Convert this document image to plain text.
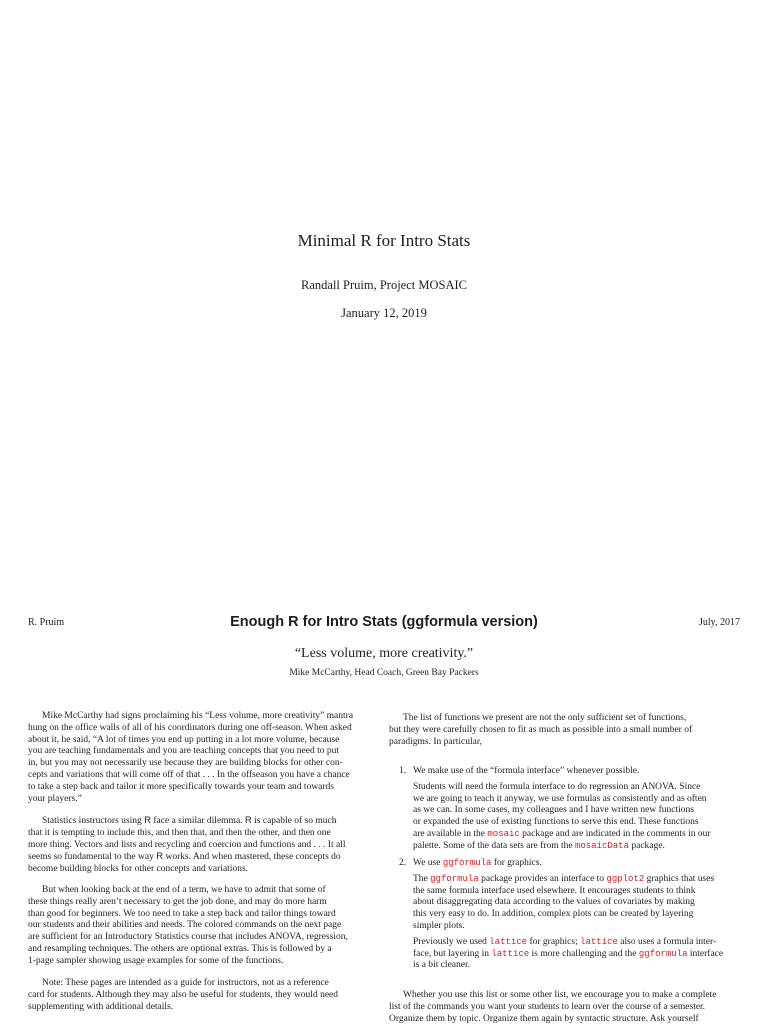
Minimal R for Intro Stats
Randall Pruim, Project MOSAIC
January 12, 2019
R. Pruim	Enough R for Intro Stats (ggformula version)	July, 2017
“Less volume, more creativity.”
Mike McCarthy, Head Coach, Green Bay Packers
Mike McCarthy had signs proclaiming his “Less volume, more creativity” mantra
hung on the office walls of all of his coordinators during one off-season. When asked
about it, he said, “A lot of times you end up putting in a lot more volume, because
you are teaching fundamentals and you are teaching concepts that you need to put
in, but you may not necessarily use because they are building blocks for other con-
cepts and variations that will come off of that . . . In the offseason you have a chance
to take a step back and tailor it more specifically towards your team and towards
your players.”
Statistics instructors using R face a similar dilemma. R is capable of so much
that it is tempting to include this, and then that, and then the other, and then one
more thing. Vectors and lists and recycling and coercion and functions and . . . It all
seems so fundamental to the way R works. And when mastered, these concepts do
become building blocks for other concepts and variations.
But when looking back at the end of a term, we have to admit that some of
these things really aren’t necessary to get the job done, and may do more harm
than good for beginners. We too need to take a step back and tailor things toward
our students and their abilities and needs. The colored commands on the next page
are sufficient for an Introductory Statistics course that includes ANOVA, regression,
and resampling techniques. The others are optional extras. This is followed by a
1-page sampler showing usage examples for some of the functions.
Note: These pages are intended as a guide for instructors, not as a reference
card for students. Although they may also be useful for students, they would need
supplementing with additional details.
The list of functions we present are not the only sufficient set of functions,
but they were carefully chosen to fit as much as possible into a small number of
paradigms. In particular,
1. We make use of the “formula interface” whenever possible.
Students will need the formula interface to do regression an ANOVA. Since
we are going to teach it anyway, we use formulas as consistently and as often
as we can. In some cases, my colleagues and I have written new functions
or expanded the use of existing functions to serve this end. These functions
are available in the mosaic package and are indicated in the comments in our
palette. Some of the data sets are from the mosaicData package.
2. We use ggformula for graphics.
The ggformula package provides an interface to ggplot2 graphics that uses
the same formula interface used elsewhere. It encourages students to think
about disaggregating data according to the values of covariates by making
this very easy to do. In addition, complex plots can be created by layering
simpler plots.
Previously we used lattice for graphics; lattice also uses a formula inter-
face, but layering in lattice is more challenging and the ggformula interface
is a bit cleaner.
Whether you use this list or some other list, we encourage you to make a complete
list of the commands you want your students to learn over the course of a semester.
Organize them by topic. Organize them again by syntactic structure. Ask yourself
